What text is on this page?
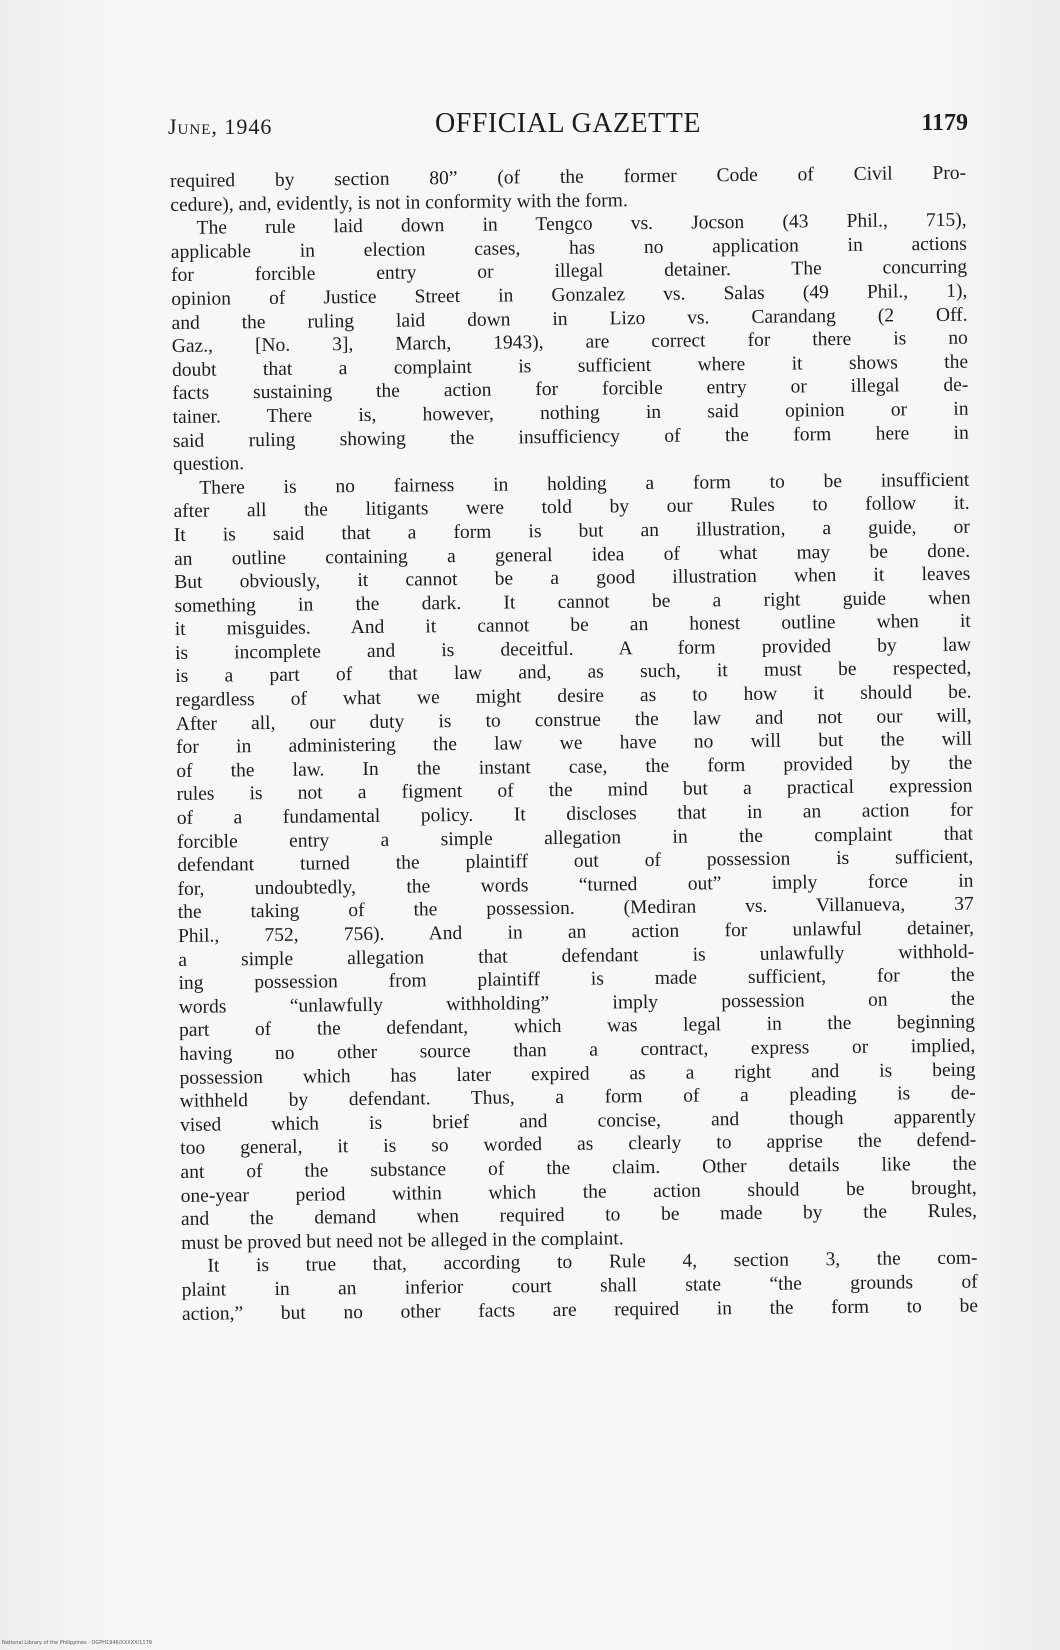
June, 1946	OFFICIAL GAZETTE	1179
required by section 80” (of the former Code of Civil Pro-
cedure), and, evidently, is not in conformity with the form.
The rule laid down in Tengco vs. Jocson (43 Phil., 715),
applicable in election cases, has no application in actions
for forcible entry or illegal detainer. The concurring
opinion of Justice Street in Gonzalez vs. Salas (49 Phil., 1),
and the ruling laid down in Lizo vs. Carandang (2 Off.
Gaz., [No. 3], March, 1943), are correct for there is no
doubt that a complaint is sufficient where it shows the
facts sustaining the action for forcible entry or illegal de-
tainer. There is, however, nothing in said opinion or in
said ruling showing the insufficiency of the form here in
question.
There is no fairness in holding a form to be insufficient
after all the litigants were told by our Rules to follow it.
It is said that a form is but an illustration, a guide, or
an outline containing a general idea of what may be done.
But obviously, it cannot be a good illustration when it leaves
something in the dark. It cannot be a right guide when
it misguides. And it cannot be an honest outline when it
is incomplete and is deceitful. A form provided by law
is a part of that law and, as such, it must be respected,
regardless of what we might desire as to how it should be.
After all, our duty is to construe the law and not our will,
for in administering the law we have no will but the will
of the law. In the instant case, the form provided by the
rules is not a figment of the mind but a practical expression
of a fundamental policy. It discloses that in an action for
forcible entry a simple allegation in the complaint that
defendant turned the plaintiff out of possession is sufficient,
for, undoubtedly, the words “turned out” imply force in
the taking of the possession. (Mediran vs. Villanueva, 37
Phil., 752, 756). And in an action for unlawful detainer,
a simple allegation that defendant is unlawfully withhold-
ing possession from plaintiff is made sufficient, for the
words “unlawfully withholding” imply possession on the
part of the defendant, which was legal in the beginning
having no other source than a contract, express or implied,
possession which has later expired as a right and is being
withheld by defendant. Thus, a form of a pleading is de-
vised which is brief and concise, and though apparently
too general, it is so worded as clearly to apprise the defend-
ant of the substance of the claim. Other details like the
one-year period within which the action should be brought,
and the demand when required to be made by the Rules,
must be proved but need not be alleged in the complaint.
It is true that, according to Rule 4, section 3, the com-
plaint in an inferior court shall state “the grounds of
action,” but no other facts are required in the form to be
National Library of the Philippines · OGPH1946/XXXXX/1179
